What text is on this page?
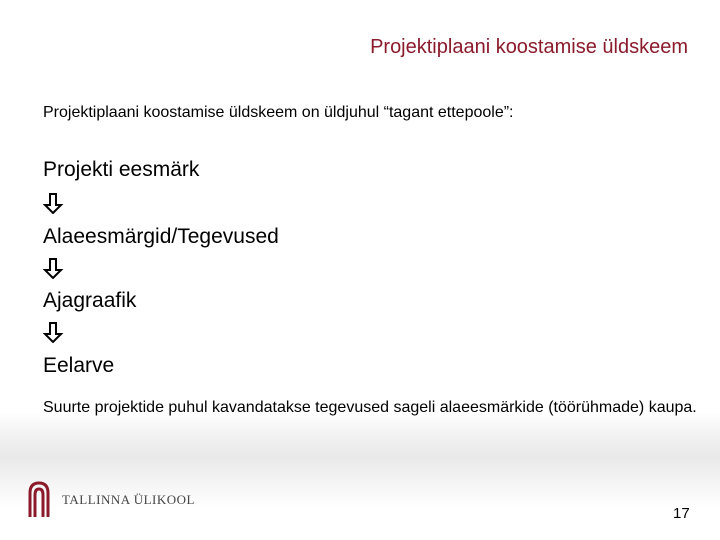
Projektiplaani koostamise üldskeem
Projektiplaani koostamise üldskeem on üldjuhul “tagant ettepoole”:
Projekti eesmärk
Alaeesmärgid/Tegevused
Ajagraafik
Eelarve
Suurte projektide puhul kavandatakse tegevused sageli alaeesmärkide (töörühmade) kaupa.
TALLINNA ÜLIKOOL
17
